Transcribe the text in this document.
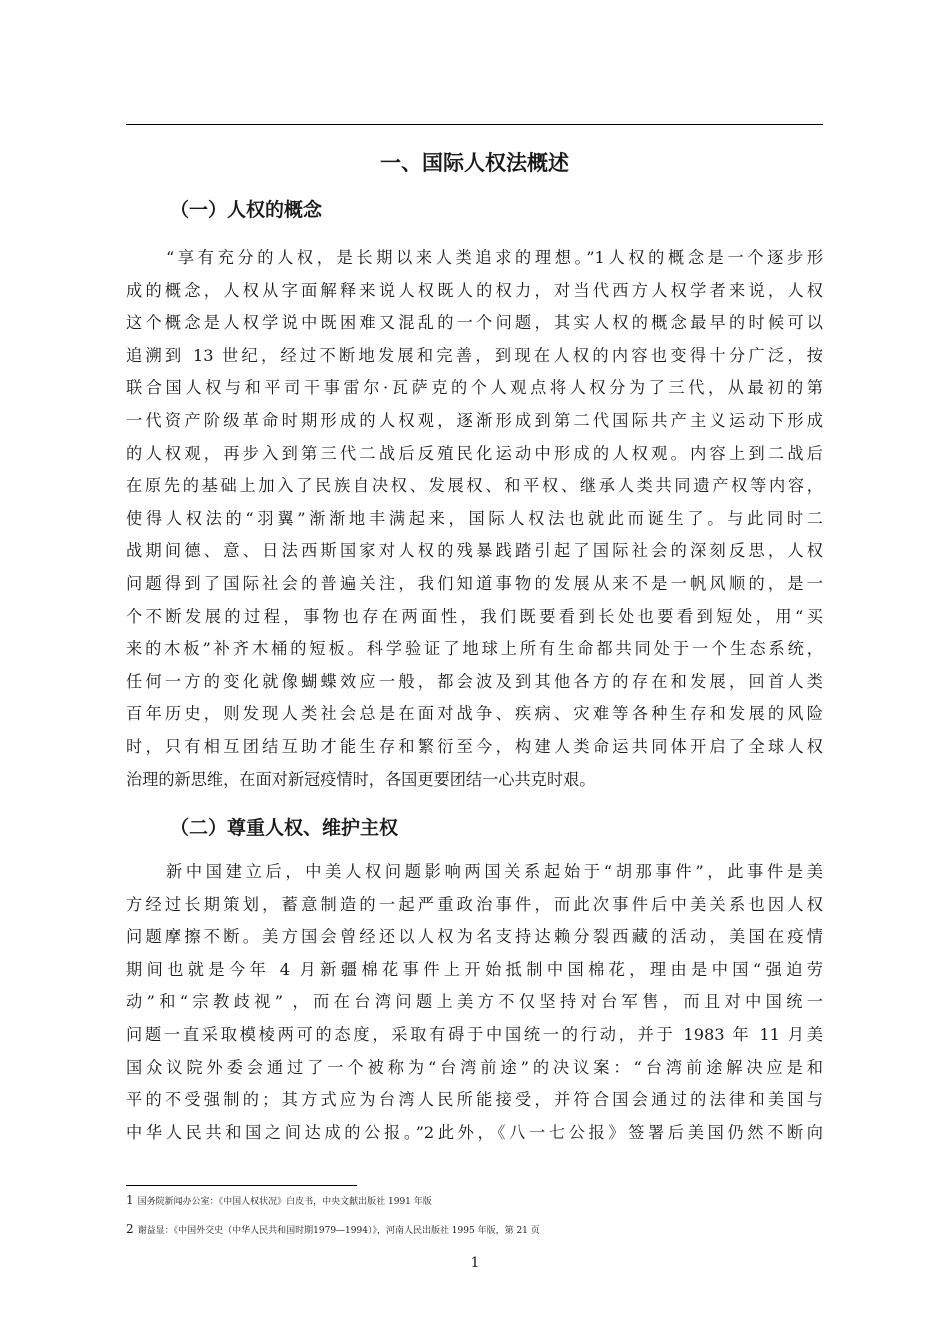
一、国际人权法概述
（一）人权的概念
“享有充分的人权，是长期以来人类追求的理想。”1人权的概念是一个逐步形
成的概念，人权从字面解释来说人权既人的权力，对当代西方人权学者来说，人权
这个概念是人权学说中既困难又混乱的一个问题，其实人权的概念最早的时候可以
追溯到 13 世纪，经过不断地发展和完善，到现在人权的内容也变得十分广泛，按
联合国人权与和平司干事雷尔·瓦萨克的个人观点将人权分为了三代，从最初的第
一代资产阶级革命时期形成的人权观，逐渐形成到第二代国际共产主义运动下形成
的人权观，再步入到第三代二战后反殖民化运动中形成的人权观。内容上到二战后
在原先的基础上加入了民族自决权、发展权、和平权、继承人类共同遗产权等内容，
使得人权法的“羽翼”渐渐地丰满起来，国际人权法也就此而诞生了。与此同时二
战期间德、意、日法西斯国家对人权的残暴践踏引起了国际社会的深刻反思，人权
问题得到了国际社会的普遍关注，我们知道事物的发展从来不是一帆风顺的，是一
个不断发展的过程，事物也存在两面性，我们既要看到长处也要看到短处，用“买
来的木板”补齐木桶的短板。科学验证了地球上所有生命都共同处于一个生态系统，
任何一方的变化就像蝴蝶效应一般，都会波及到其他各方的存在和发展，回首人类
百年历史，则发现人类社会总是在面对战争、疾病、灾难等各种生存和发展的风险
时，只有相互团结互助才能生存和繁衍至今，构建人类命运共同体开启了全球人权
治理的新思维，在面对新冠疫情时，各国更要团结一心共克时艰。
（二）尊重人权、维护主权
新中国建立后，中美人权问题影响两国关系起始于“胡那事件”，此事件是美
方经过长期策划，蓄意制造的一起严重政治事件，而此次事件后中美关系也因人权
问题摩擦不断。美方国会曾经还以人权为名支持达赖分裂西藏的活动，美国在疫情
期间也就是今年 4 月新疆棉花事件上开始抵制中国棉花，理由是中国“强迫劳
动”和“宗教歧视” ，而在台湾问题上美方不仅坚持对台军售，而且对中国统一
问题一直采取模棱两可的态度，采取有碍于中国统一的行动，并于 1983 年 11 月美
国众议院外委会通过了一个被称为“台湾前途”的决议案：“台湾前途解决应是和
平的不受强制的；其方式应为台湾人民所能接受，并符合国会通过的法律和美国与
中华人民共和国之间达成的公报。”2此外，《八一七公报》签署后美国仍然不断向
1 国务院新闻办公室：《中国人权状况》白皮书，中央文献出版社 1991 年版
2 谢益显：《中国外交史（中华人民共和国时期1979—1994）》，河南人民出版社 1995 年版，第 21 页
1
